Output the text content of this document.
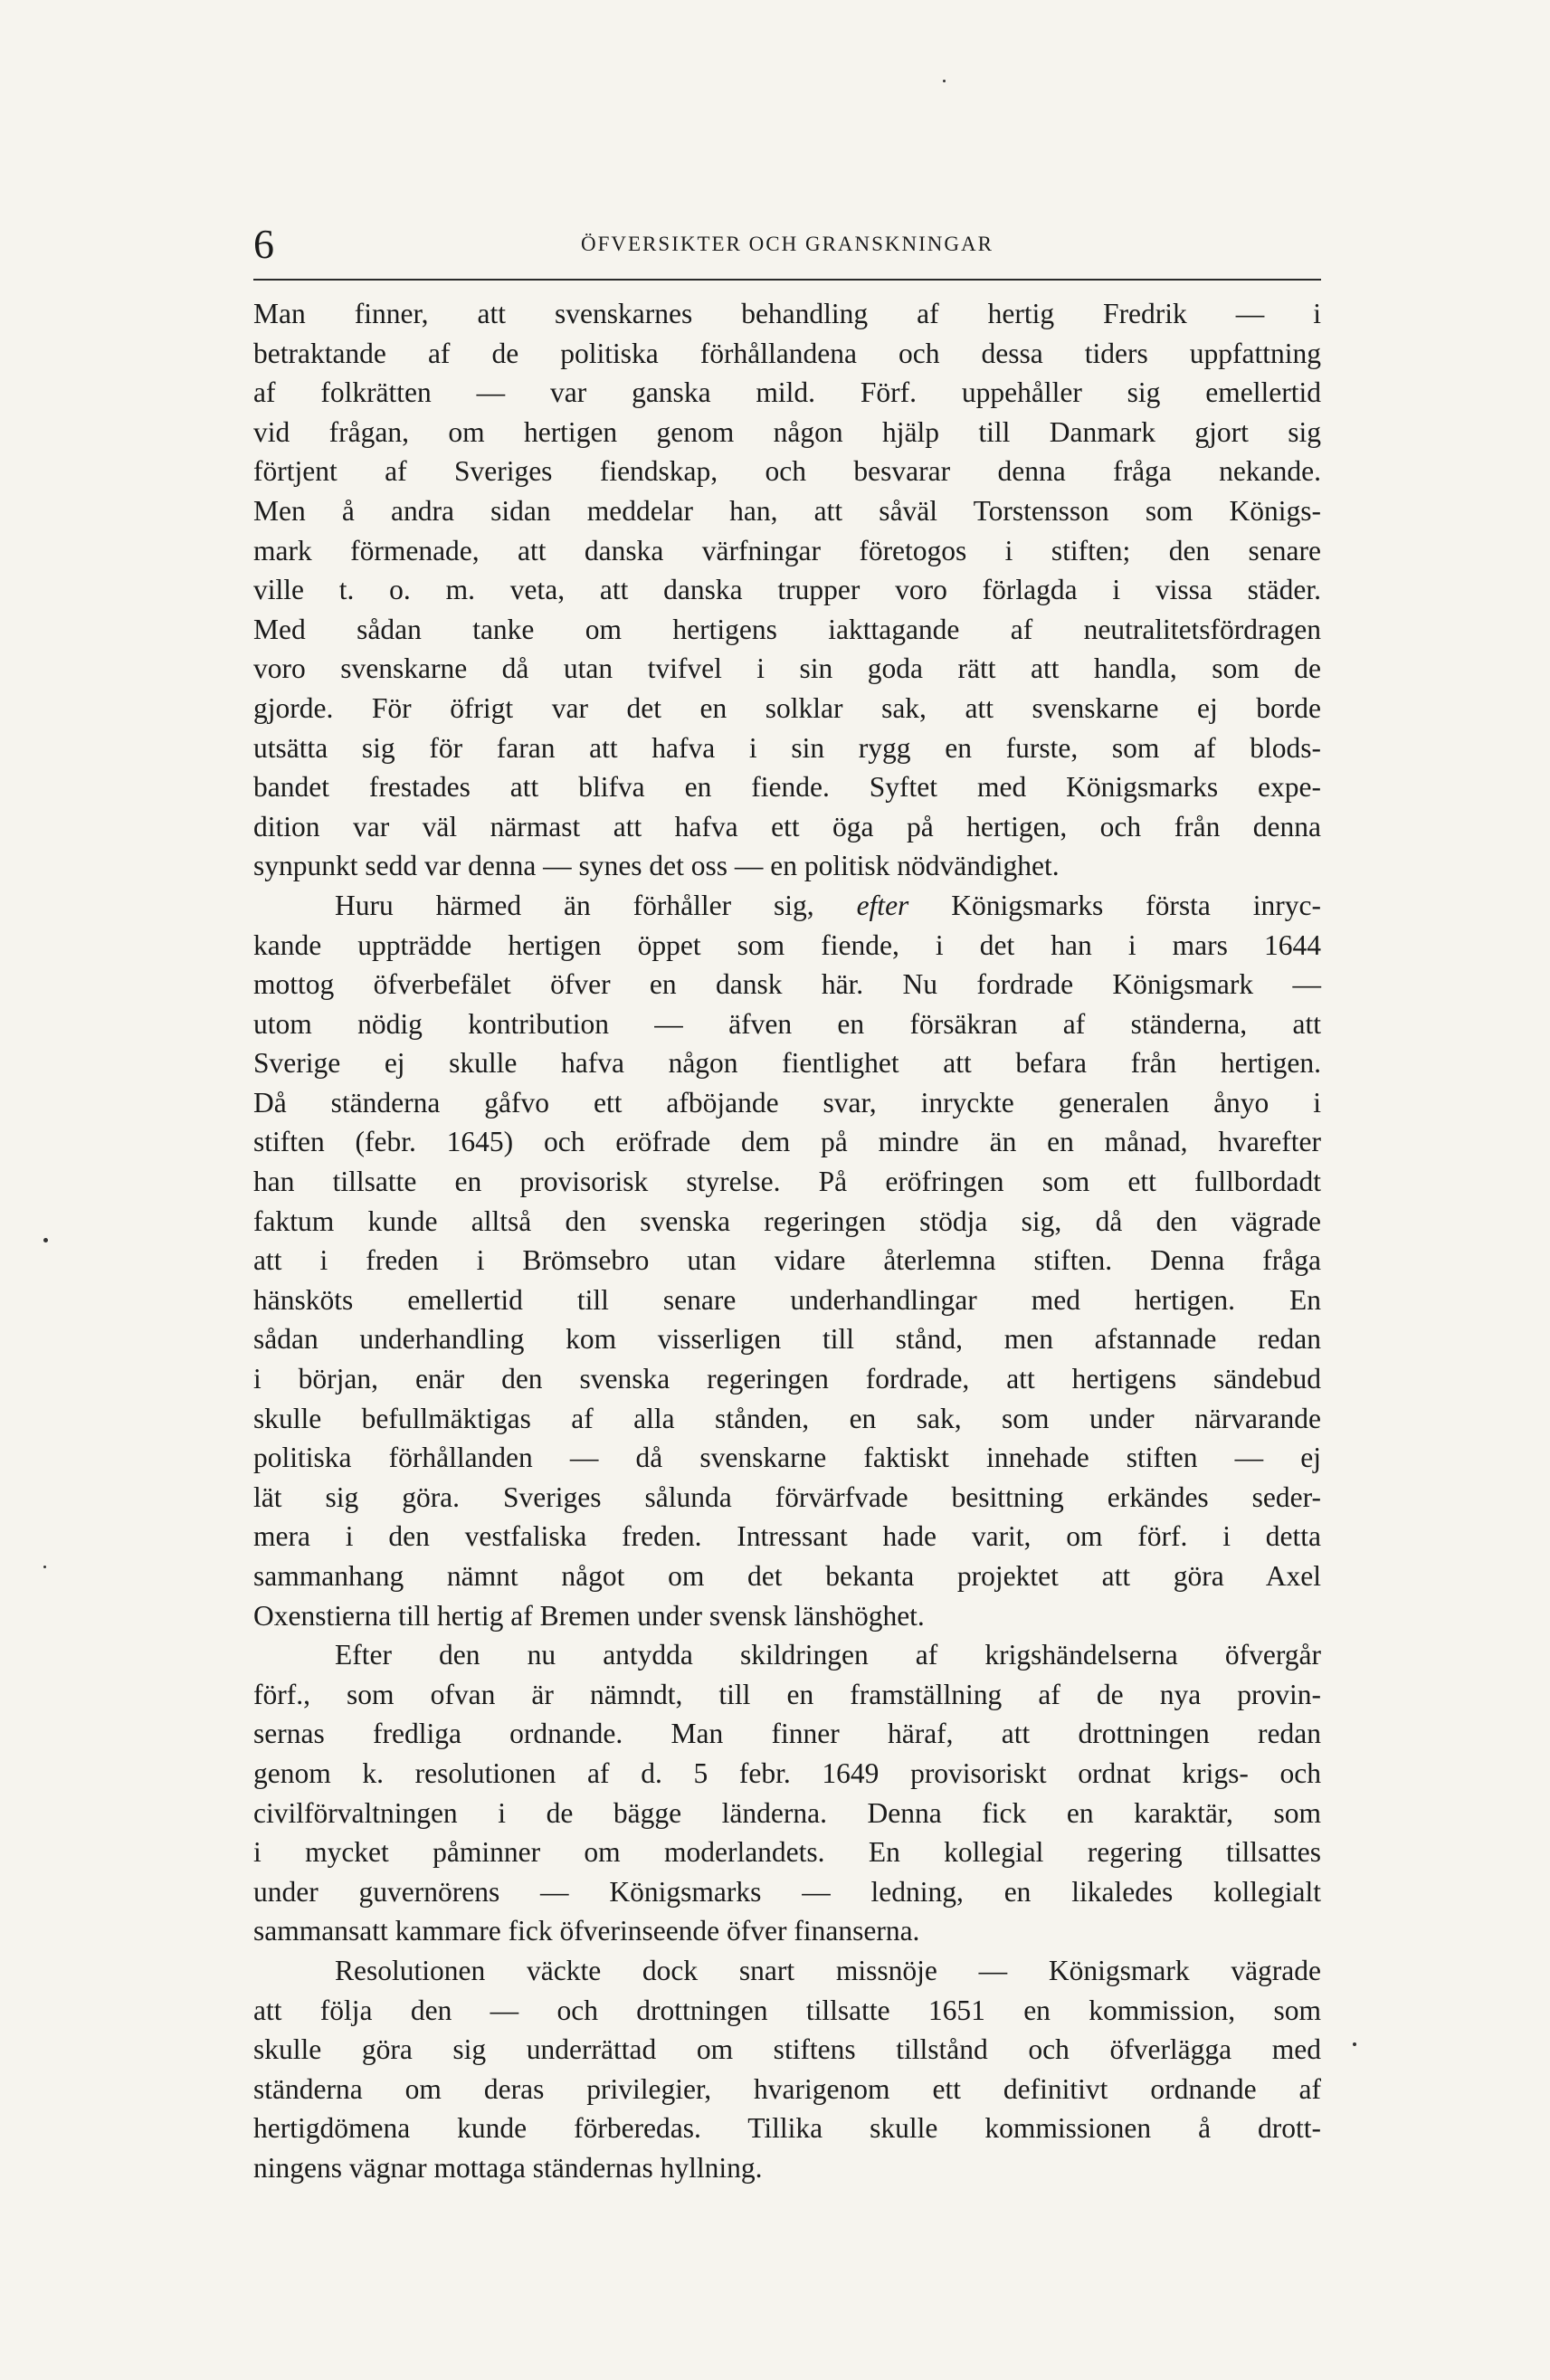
6	ÖFVERSIKTER OCH GRANSKNINGAR
Man finner, att svenskarnes behandling af hertig Fredrik — i
betraktande af de politiska förhållandena och dessa tiders uppfattning
af folkrätten — var ganska mild. Förf. uppehåller sig emellertid
vid frågan, om hertigen genom någon hjälp till Danmark gjort sig
förtjent af Sveriges fiendskap, och besvarar denna fråga nekande.
Men å andra sidan meddelar han, att såväl Torstensson som Königs-
mark förmenade, att danska värfningar företogos i stiften; den senare
ville t. o. m. veta, att danska trupper voro förlagda i vissa städer.
Med sådan tanke om hertigens iakttagande af neutralitetsfördragen
voro svenskarne då utan tvifvel i sin goda rätt att handla, som de
gjorde. För öfrigt var det en solklar sak, att svenskarne ej borde
utsätta sig för faran att hafva i sin rygg en furste, som af blods-
bandet frestades att blifva en fiende. Syftet med Königsmarks expe-
dition var väl närmast att hafva ett öga på hertigen, och från denna
synpunkt sedd var denna — synes det oss — en politisk nödvändighet.
Huru härmed än förhåller sig, efter Königsmarks första inryc-
kande uppträdde hertigen öppet som fiende, i det han i mars 1644
mottog öfverbefälet öfver en dansk här. Nu fordrade Königsmark —
utom nödig kontribution — äfven en försäkran af ständerna, att
Sverige ej skulle hafva någon fientlighet att befara från hertigen.
Då ständerna gåfvo ett afböjande svar, inryckte generalen ånyo i
stiften (febr. 1645) och eröfrade dem på mindre än en månad, hvarefter
han tillsatte en provisorisk styrelse. På eröfringen som ett fullbordadt
faktum kunde alltså den svenska regeringen stödja sig, då den vägrade
att i freden i Brömsebro utan vidare återlemna stiften. Denna fråga
hänsköts emellertid till senare underhandlingar med hertigen. En
sådan underhandling kom visserligen till stånd, men afstannade redan
i början, enär den svenska regeringen fordrade, att hertigens sändebud
skulle befullmäktigas af alla stånden, en sak, som under närvarande
politiska förhållanden — då svenskarne faktiskt innehade stiften — ej
lät sig göra. Sveriges sålunda förvärfvade besittning erkändes seder-
mera i den vestfaliska freden. Intressant hade varit, om förf. i detta
sammanhang nämnt något om det bekanta projektet att göra Axel
Oxenstierna till hertig af Bremen under svensk länshöghet.
Efter den nu antydda skildringen af krigshändelserna öfvergår
förf., som ofvan är nämndt, till en framställning af de nya provin-
sernas fredliga ordnande. Man finner häraf, att drottningen redan
genom k. resolutionen af d. 5 febr. 1649 provisoriskt ordnat krigs- och
civilförvaltningen i de bägge länderna. Denna fick en karaktär, som
i mycket påminner om moderlandets. En kollegial regering tillsattes
under guvernörens — Königsmarks — ledning, en likaledes kollegialt
sammansatt kammare fick öfverinseende öfver finanserna.
Resolutionen väckte dock snart missnöje — Königsmark vägrade
att följa den — och drottningen tillsatte 1651 en kommission, som
skulle göra sig underrättad om stiftens tillstånd och öfverlägga med
ständerna om deras privilegier, hvarigenom ett definitivt ordnande af
hertigdömena kunde förberedas. Tillika skulle kommissionen å drott-
ningens vägnar mottaga ständernas hyllning.
